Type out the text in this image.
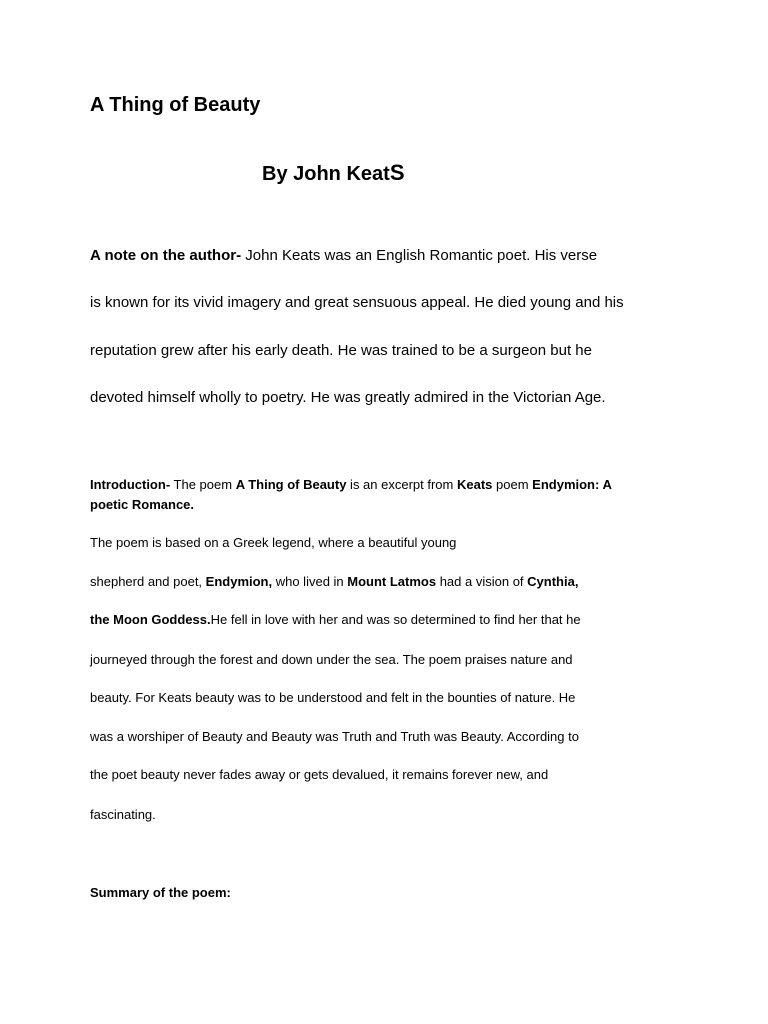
A Thing of Beauty
By John KeatS
A note on the author- John Keats was an English Romantic poet. His verse
is known for its vivid imagery and great sensuous appeal. He died young and his
reputation grew after his early death. He was trained to be a surgeon but he
devoted himself wholly to poetry. He was greatly admired in the Victorian Age.
Introduction- The poem A Thing of Beauty is an excerpt from Keats poem Endymion: A
poetic Romance.
The poem is based on a Greek legend, where a beautiful young
shepherd and poet, Endymion, who lived in Mount Latmos had a vision of Cynthia,
the Moon Goddess.He fell in love with her and was so determined to find her that he
journeyed through the forest and down under the sea. The poem praises nature and
beauty. For Keats beauty was to be understood and felt in the bounties of nature. He
was a worshiper of Beauty and Beauty was Truth and Truth was Beauty. According to
the poet beauty never fades away or gets devalued, it remains forever new, and
fascinating.
Summary of the poem:
